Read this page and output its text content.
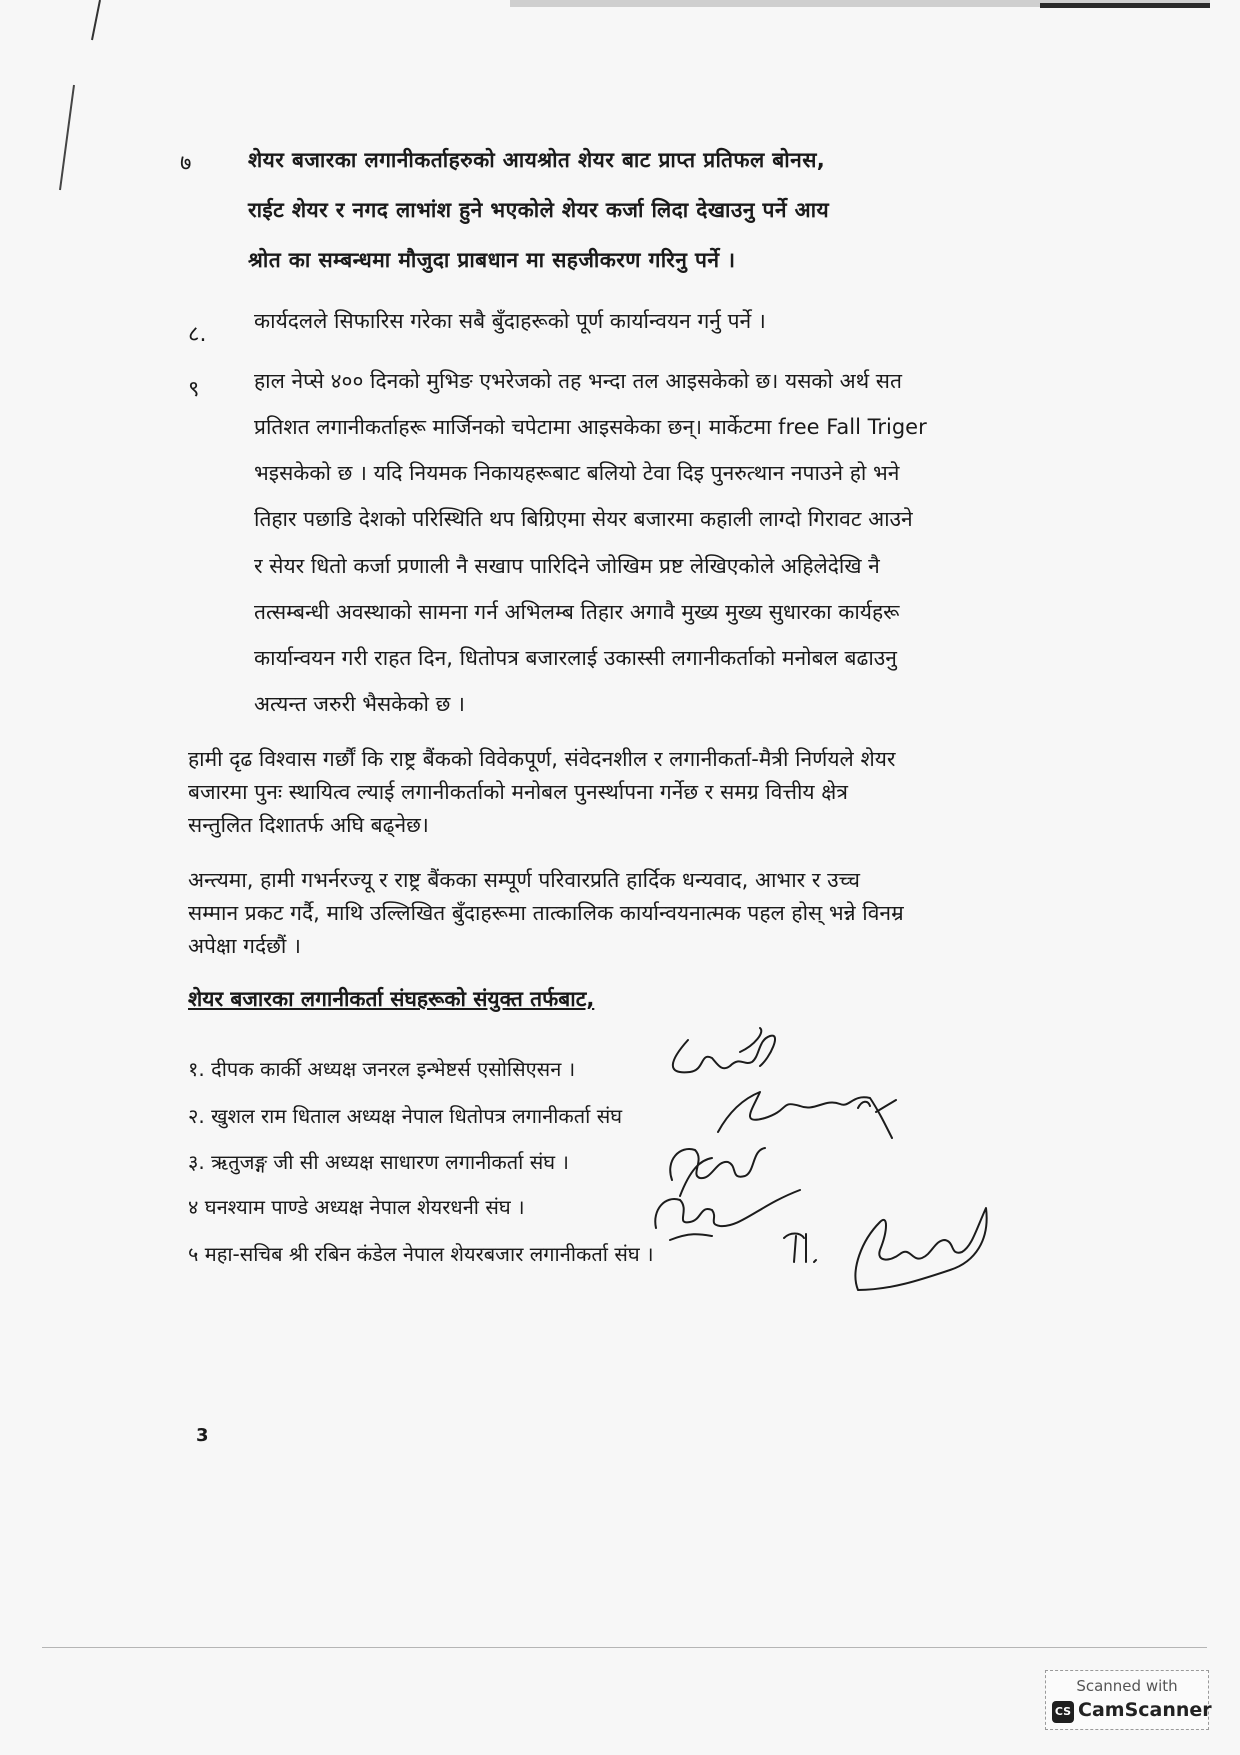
७	शेयर बजारका लगानीकर्ताहरुको आयश्रोत शेयर बाट प्राप्त प्रतिफल बोनस,
राईट शेयर र नगद लाभांश हुने भएकोले शेयर कर्जा लिदा देखाउनु पर्ने आय
श्रोत का सम्बन्धमा मौजुदा प्राबधान मा सहजीकरण गरिनु पर्ने ।
८.
कार्यदलले सिफारिस गरेका सबै बुँदाहरूको पूर्ण कार्यान्वयन गर्नु पर्ने ।
९	हाल नेप्से ४०० दिनको मुभिङ एभरेजको तह भन्दा तल आइसकेको छ। यसको अर्थ सत
प्रतिशत लगानीकर्ताहरू मार्जिनको चपेटामा आइसकेका छन्। मार्केटमा free Fall Triger
भइसकेको छ । यदि नियमक निकायहरूबाट बलियो टेवा दिइ पुनरुत्थान नपाउने हो भने
तिहार पछाडि देशको परिस्थिति थप बिग्रिएमा सेयर बजारमा कहाली लाग्दो गिरावट आउने
र सेयर धितो कर्जा प्रणाली नै सखाप पारिदिने जोखिम प्रष्ट लेखिएकोले अहिलेदेखि नै
तत्सम्बन्धी अवस्थाको सामना गर्न अभिलम्ब तिहार अगावै मुख्य मुख्य सुधारका कार्यहरू
कार्यान्वयन गरी राहत दिन, धितोपत्र बजारलाई उकास्सी लगानीकर्ताको मनोबल बढाउनु
अत्यन्त जरुरी भैसकेको छ ।
हामी दृढ विश्वास गर्छौं कि राष्ट्र बैंकको विवेकपूर्ण, संवेदनशील र लगानीकर्ता-मैत्री निर्णयले शेयर
बजारमा पुनः स्थायित्व ल्याई लगानीकर्ताको मनोबल पुनर्स्थापना गर्नेछ र समग्र वित्तीय क्षेत्र
सन्तुलित दिशातर्फ अघि बढ्नेछ।
अन्त्यमा, हामी गभर्नरज्यू र राष्ट्र बैंकका सम्पूर्ण परिवारप्रति हार्दिक धन्यवाद, आभार र उच्च
सम्मान प्रकट गर्दै, माथि उल्लिखित बुँदाहरूमा तात्कालिक कार्यान्वयनात्मक पहल होस् भन्ने विनम्र
अपेक्षा गर्दछौं ।
शेयर बजारका लगानीकर्ता संघहरूको संयुक्त तर्फबाट,
१. दीपक कार्की अध्यक्ष जनरल इन्भेष्टर्स एसोसिएसन ।
२. खुशल राम धिताल अध्यक्ष नेपाल धितोपत्र लगानीकर्ता संघ
३. ऋतुजङ्ग जी सी अध्यक्ष साधारण लगानीकर्ता संघ ।
४ घनश्याम पाण्डे अध्यक्ष नेपाल शेयरधनी संघ ।
५ महा-सचिब श्री रबिन कंडेल नेपाल शेयरबजार लगानीकर्ता संघ ।
3
Scanned with
CS CamScanner
